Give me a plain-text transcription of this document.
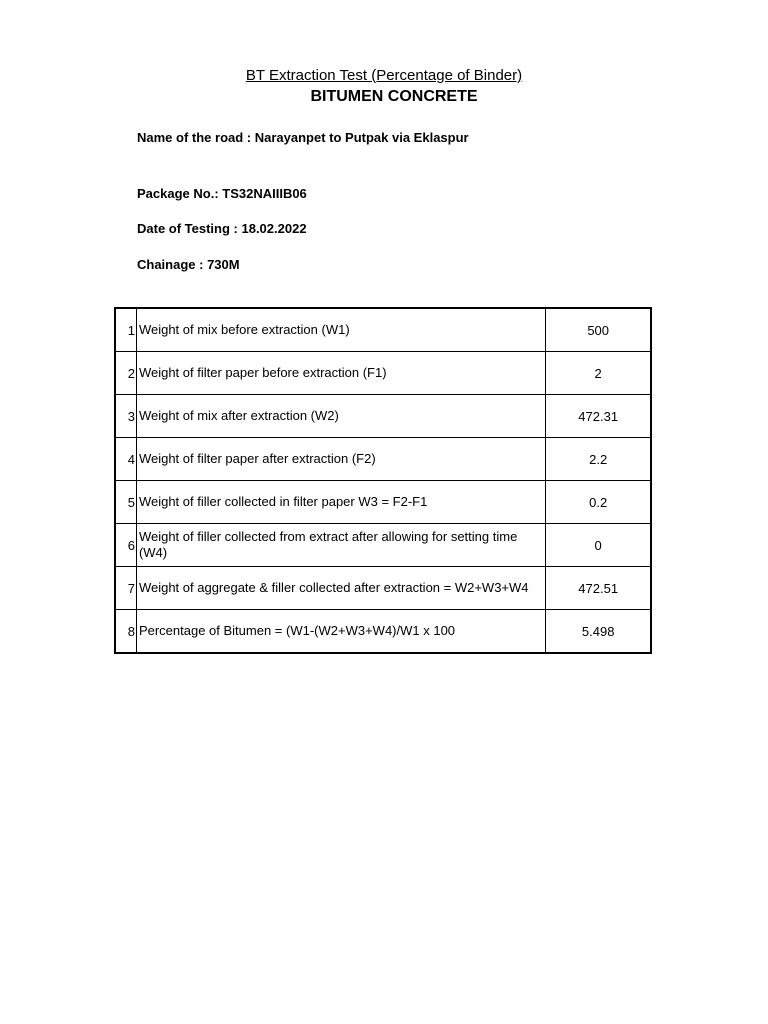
BT Extraction Test (Percentage of Binder)
BITUMEN CONCRETE
Name of the road : Narayanpet to Putpak via Eklaspur
Package No.: TS32NAIIIB06
Date of Testing : 18.02.2022
Chainage : 730M
1	Weight of mix before extraction (W1)	500
2	Weight of filter paper before extraction (F1)	2
3	Weight of mix after extraction (W2)	472.31
4	Weight of filter paper after extraction (F2)	2.2
5	Weight of filler collected in filter paper W3 = F2-F1	0.2
6	Weight of filler collected from extract after allowing for setting time (W4)	0
7	Weight of aggregate & filler collected after extraction = W2+W3+W4	472.51
8	Percentage of Bitumen = (W1-(W2+W3+W4)/W1 x 100	5.498
